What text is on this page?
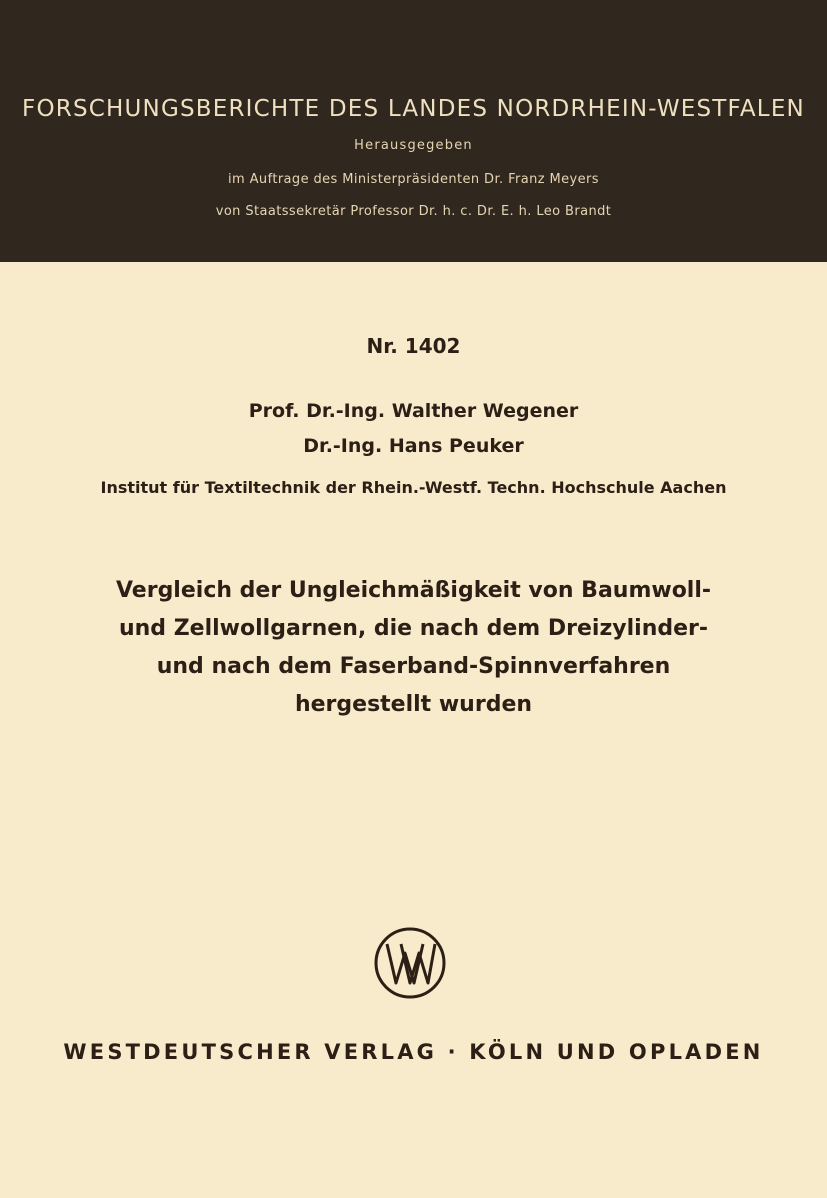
FORSCHUNGSBERICHTE DES LANDES NORDRHEIN-WESTFALEN
Herausgegeben
im Auftrage des Ministerpräsidenten Dr. Franz Meyers
von Staatssekretär Professor Dr. h. c. Dr. E. h. Leo Brandt
Nr. 1402
Prof. Dr.-Ing. Walther Wegener
Dr.-Ing. Hans Peuker
Institut für Textiltechnik der Rhein.-Westf. Techn. Hochschule Aachen
Vergleich der Ungleichmäßigkeit von Baumwoll-
und Zellwollgarnen, die nach dem Dreizylinder-
und nach dem Faserband-Spinnverfahren
hergestellt wurden
WESTDEUTSCHER VERLAG · KÖLN UND OPLADEN
